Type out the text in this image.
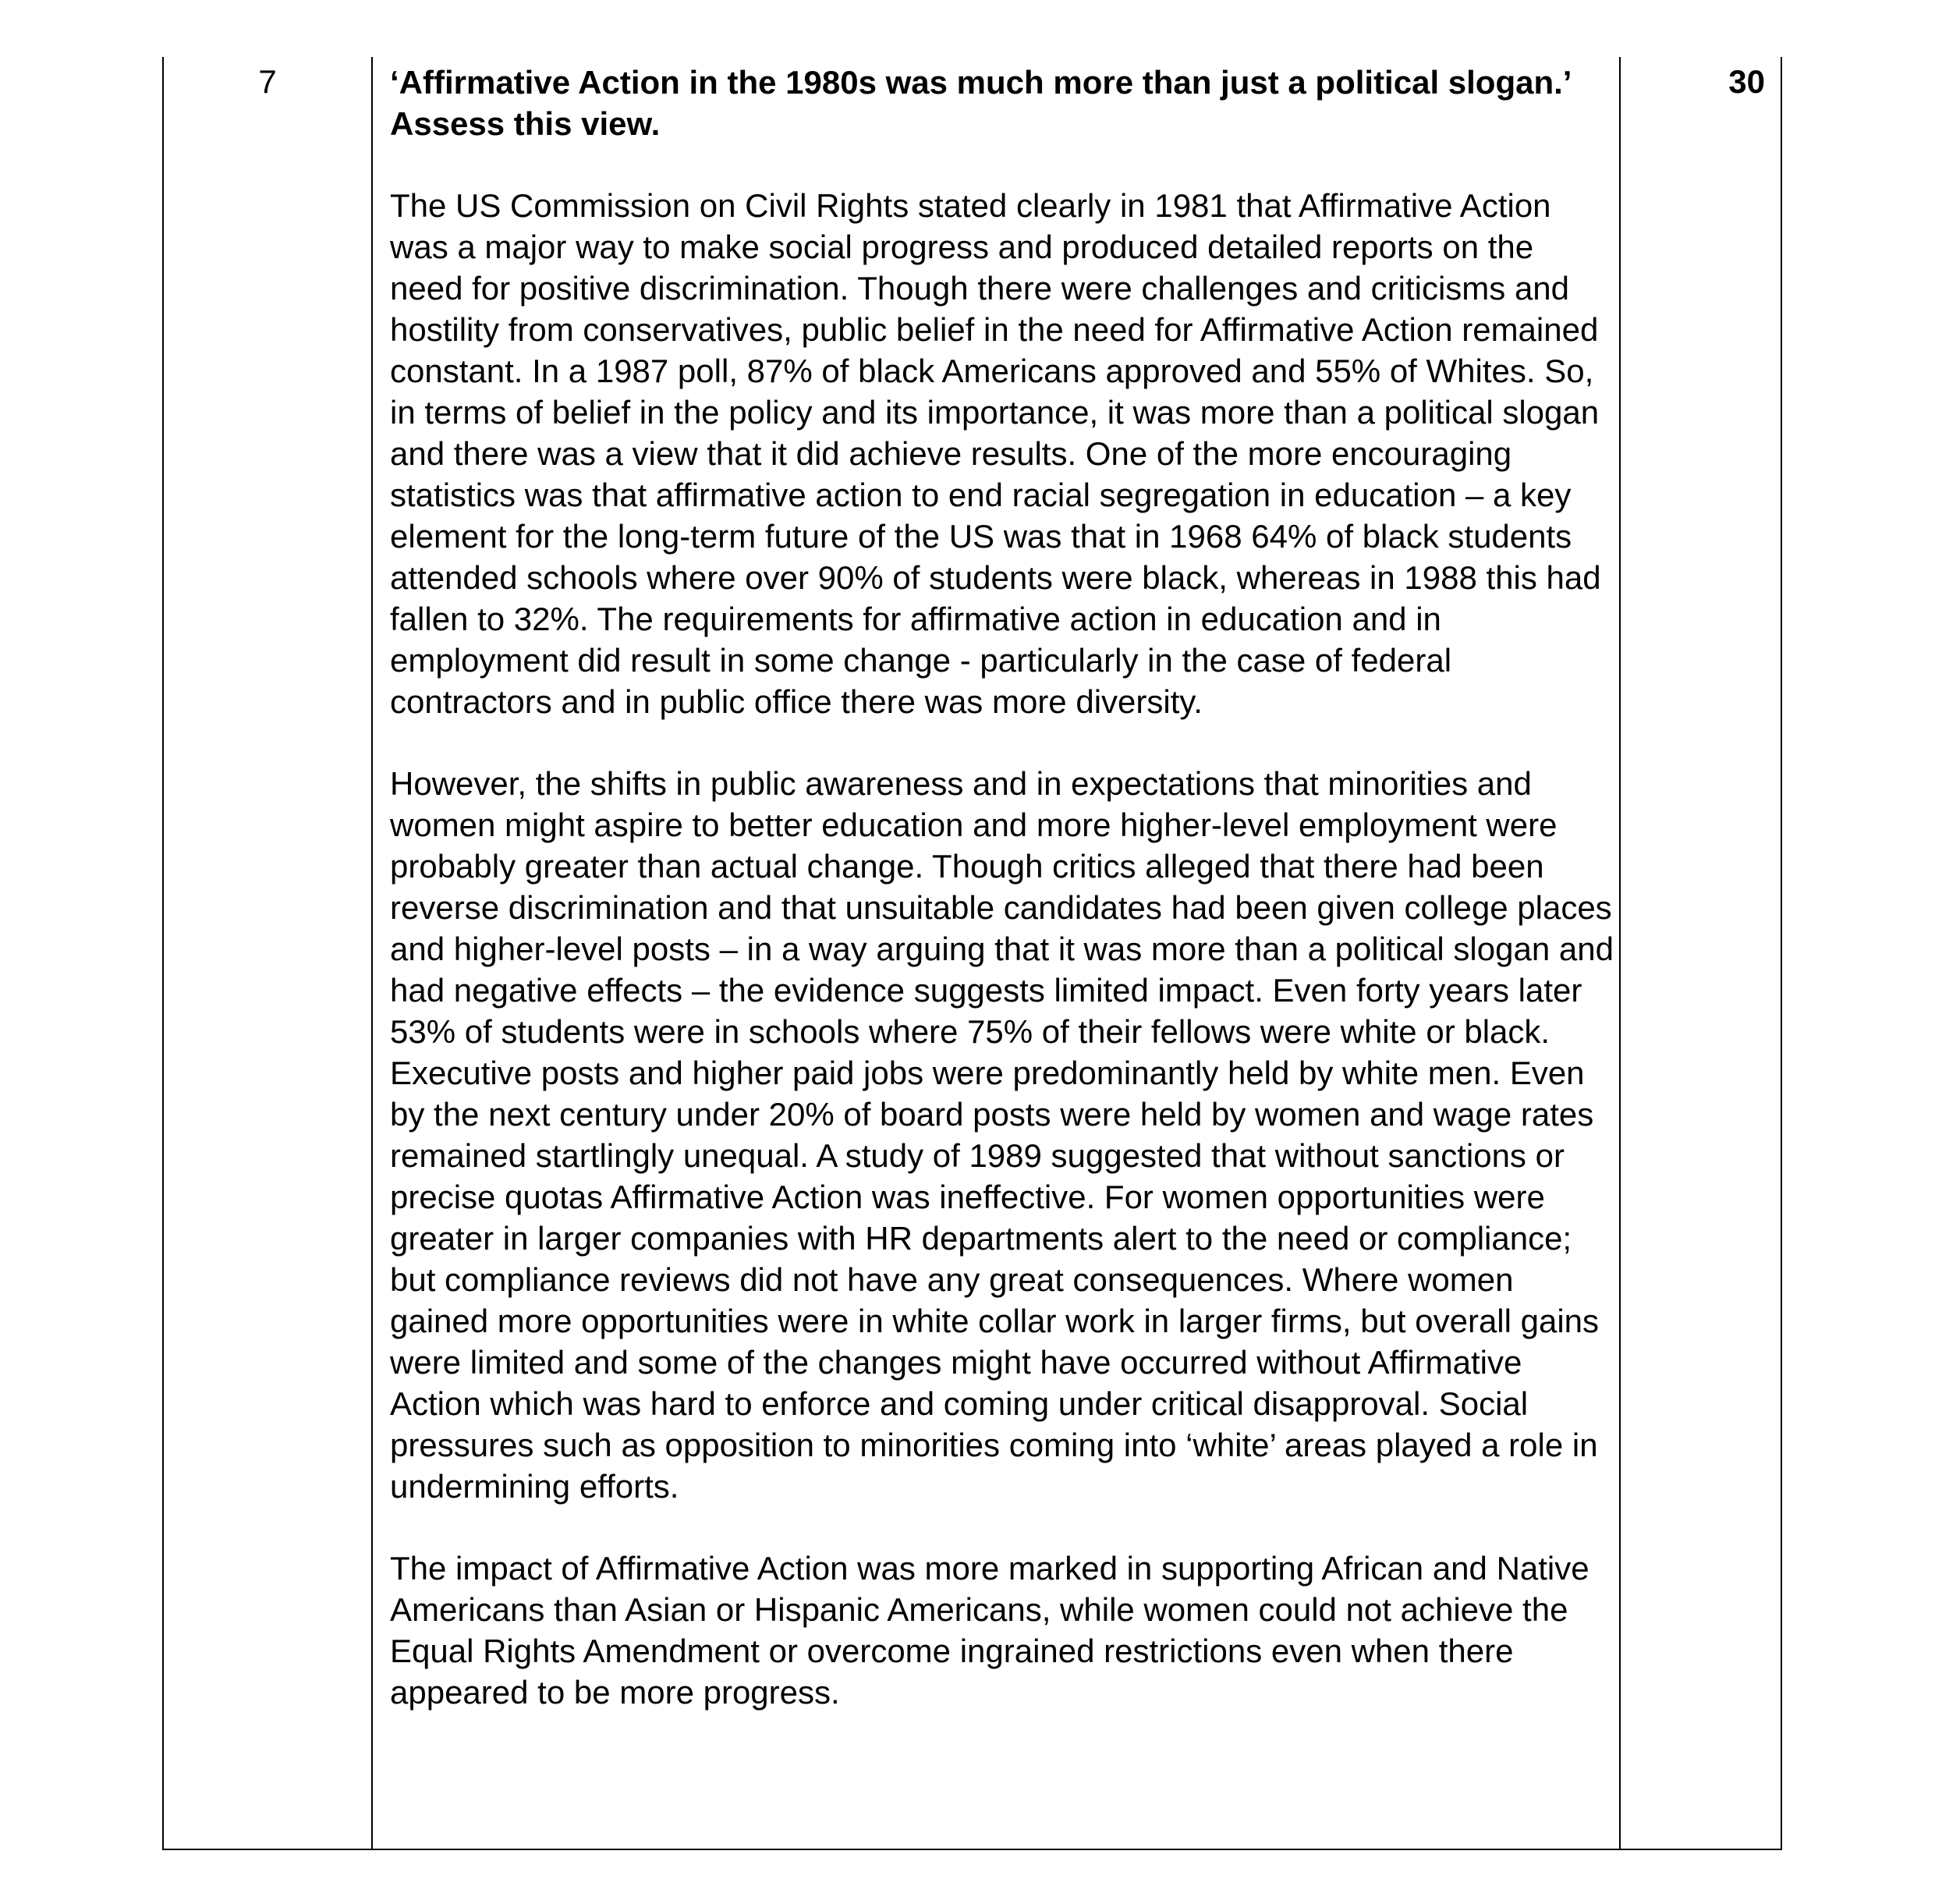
7	‘Affirmative Action in the 1980s was much more than just a political slogan.’ Assess this view.

The US Commission on Civil Rights stated clearly in 1981 that Affirmative Action was a major way to make social progress and produced detailed reports on the need for positive discrimination. Though there were challenges and criticisms and hostility from conservatives, public belief in the need for Affirmative Action remained constant. In a 1987 poll, 87% of black Americans approved and 55% of Whites. So, in terms of belief in the policy and its importance, it was more than a political slogan and there was a view that it did achieve results. One of the more encouraging statistics was that affirmative action to end racial segregation in education – a key element for the long-term future of the US was that in 1968 64% of black students attended schools where over 90% of students were black, whereas in 1988 this had fallen to 32%. The requirements for affirmative action in education and in employment did result in some change - particularly in the case of federal contractors and in public office there was more diversity.

However, the shifts in public awareness and in expectations that minorities and women might aspire to better education and more higher-level employment were probably greater than actual change. Though critics alleged that there had been reverse discrimination and that unsuitable candidates had been given college places and higher-level posts – in a way arguing that it was more than a political slogan and had negative effects – the evidence suggests limited impact. Even forty years later 53% of students were in schools where 75% of their fellows were white or black. Executive posts and higher paid jobs were predominantly held by white men. Even by the next century under 20% of board posts were held by women and wage rates remained startlingly unequal. A study of 1989 suggested that without sanctions or precise quotas Affirmative Action was ineffective. For women opportunities were greater in larger companies with HR departments alert to the need or compliance; but compliance reviews did not have any great consequences. Where women gained more opportunities were in white collar work in larger firms, but overall gains were limited and some of the changes might have occurred without Affirmative Action which was hard to enforce and coming under critical disapproval. Social pressures such as opposition to minorities coming into ‘white’ areas played a role in undermining efforts.

The impact of Affirmative Action was more marked in supporting African and Native Americans than Asian or Hispanic Americans, while women could not achieve the Equal Rights Amendment or overcome ingrained restrictions even when there appeared to be more progress.

30
